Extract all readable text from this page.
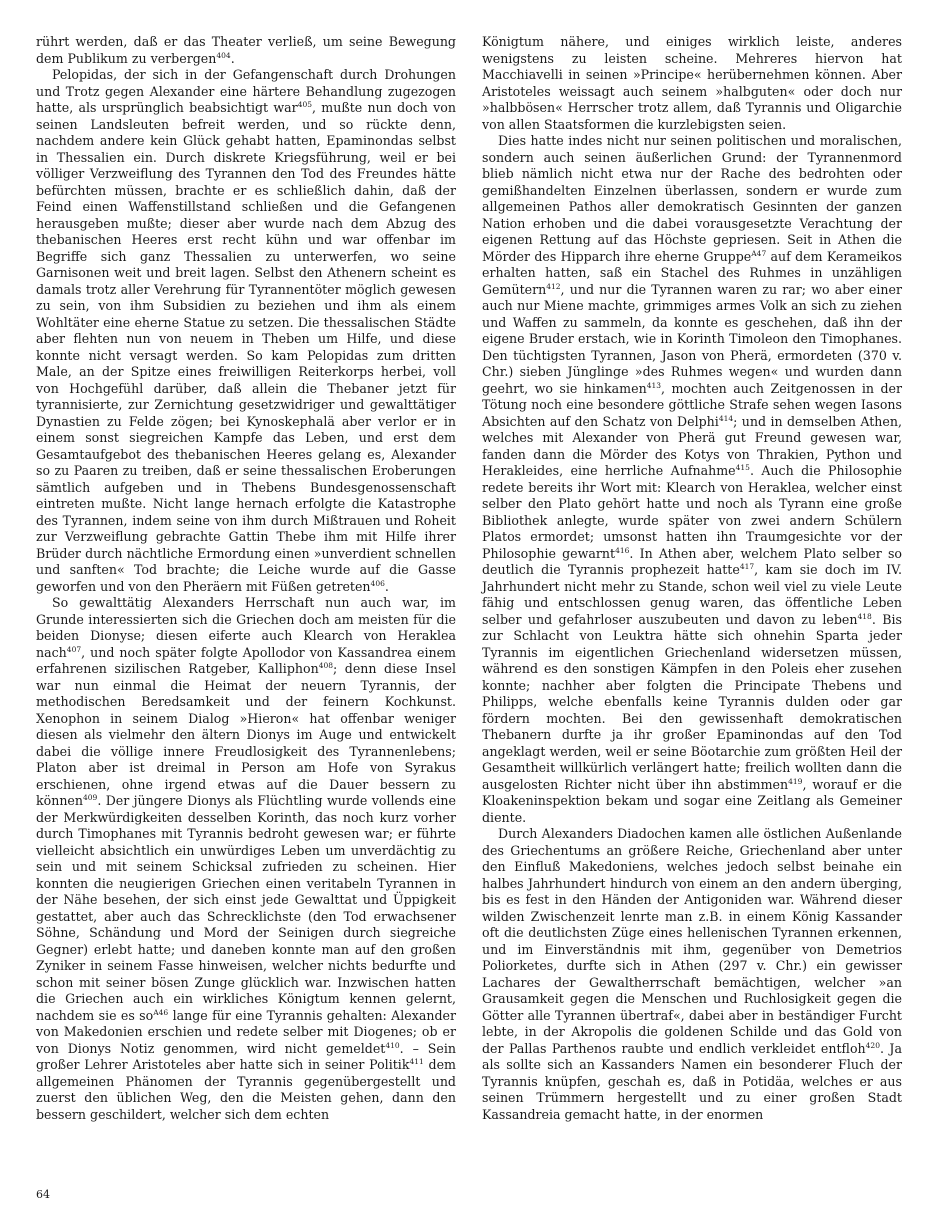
rührt werden, daß er das Theater verließ, um seine Bewegung dem Publikum zu verbergen$^{404}$.

Pelopidas, der sich in der Gefangenschaft durch Drohungen und Trotz gegen Alexander eine härtere Behandlung zugezogen hatte, als ursprünglich beabsichtigt war$^{405}$, mußte nun doch von seinen Landsleuten befreit werden, und so rückte denn, nachdem andere kein Glück gehabt hatten, Epaminondas selbst in Thessalien ein. Durch diskrete Kriegsführung, weil er bei völliger Verzweiflung des Tyrannen den Tod des Freundes hätte befürchten müssen, brachte er es schließlich dahin, daß der Feind einen Waffenstillstand schließen und die Gefangenen herausgeben mußte; dieser aber wurde nach dem Abzug des thebanischen Heeres erst recht kühn und war offenbar im Begriffe sich ganz Thessalien zu unterwerfen, wo seine Garnisonen weit und breit lagen. Selbst den Athenern scheint es damals trotz aller Verehrung für Tyrannentöter möglich gewesen zu sein, von ihm Subsidien zu beziehen und ihm als einem Wohltäter eine eherne Statue zu setzen. Die thessalischen Städte aber flehten nun von neuem in Theben um Hilfe, und diese konnte nicht versagt werden. So kam Pelopidas zum dritten Male, an der Spitze eines freiwilligen Reiterkorps herbei, voll von Hochgefühl darüber, daß allein die Thebaner jetzt für tyrannisierte, zur Zernichtung gesetzwidriger und gewalttätiger Dynastien zu Felde zögen; bei Kynoskephalä aber verlor er in einem sonst siegreichen Kampfe das Leben, und erst dem Gesamtaufgebot des thebanischen Heeres gelang es, Alexander so zu Paaren zu treiben, daß er seine thessalischen Eroberungen sämtlich aufgeben und in Thebens Bundesgenossenschaft eintreten mußte. Nicht lange hernach erfolgte die Katastrophe des Tyrannen, indem seine von ihm durch Mißtrauen und Roheit zur Verzweiflung gebrachte Gattin Thebe ihm mit Hilfe ihrer Brüder durch nächtliche Ermordung einen »unverdient schnellen und sanften« Tod brachte; die Leiche wurde auf die Gasse geworfen und von den Pheräern mit Füßen getreten$^{406}$.

So gewalttätig Alexanders Herrschaft nun auch war, im Grunde interessierten sich die Griechen doch am meisten für die beiden Dionyse; diesen eiferte auch Klearch von Heraklea nach$^{407}$, und noch später folgte Apollodor von Kassandrea einem erfahrenen sizilischen Ratgeber, Kalliphon$^{408}$; denn diese Insel war nun einmal die Heimat der neuern Tyrannis, der methodischen Beredsamkeit und der feinern Kochkunst. Xenophon in seinem Dialog »Hieron« hat offenbar weniger diesen als vielmehr den ältern Dionys im Auge und entwickelt dabei die völlige innere Freudlosigkeit des Tyrannenlebens; Platon aber ist dreimal in Person am Hofe von Syrakus erschienen, ohne irgend etwas auf die Dauer bessern zu können$^{409}$. Der jüngere Dionys als Flüchtling wurde vollends eine der Merkwürdigkeiten desselben Korinth, das noch kurz vorher durch Timophanes mit Tyrannis bedroht gewesen war; er führte vielleicht absichtlich ein unwürdiges Leben um unverdächtig zu sein und mit seinem Schicksal zufrieden zu scheinen. Hier konnten die neugierigen Griechen einen veritabeln Tyrannen in der Nähe besehen, der sich einst jede Gewalttat und Üppigkeit gestattet, aber auch das Schrecklichste (den Tod erwachsener Söhne, Schändung und Mord der Seinigen durch siegreiche Gegner) erlebt hatte; und daneben konnte man auf den großen Zyniker in seinem Fasse hinweisen, welcher nichts bedurfte und schon mit seiner bösen Zunge glücklich war. Inzwischen hatten die Griechen auch ein wirkliches Königtum kennen gelernt, nachdem sie es $so^{A46}$ lange für eine Tyrannis gehalten: Alexander von Makedonien erschien und redete selber mit Diogenes; ob er von Dionys Notiz genommen, wird nicht gemeldet$^{410}$. – Sein großer Lehrer Aristoteles aber hatte sich in seiner Politik$^{411}$ dem allgemeinen Phänomen der Tyrannis gegenübergestellt und zuerst den üblichen Weg, den die Meisten gehen, dann den bessern geschildert, welcher sich dem echten

Königtum nähere, und einiges wirklich leiste, anderes wenigstens zu leisten scheine. Mehreres hiervon hat Macchiavelli in seinen »Principe« herübernehmen können. Aber Aristoteles weissagt auch seinem »halbguten« oder doch nur »halbbösen« Herrscher trotz allem, daß Tyrannis und Oligarchie von allen Staatsformen die kurzlebigsten seien.

Dies hatte indes nicht nur seinen politischen und moralischen, sondern auch seinen äußerlichen Grund: der Tyrannenmord blieb nämlich nicht etwa nur der Rache des bedrohten oder gemißhandelten Einzelnen überlassen, sondern er wurde zum allgemeinen Pathos aller demokratisch Gesinnten der ganzen Nation erhoben und die dabei vorausgesetzte Verachtung der eigenen Rettung auf das Höchste gepriesen. Seit in Athen die Mörder des Hipparch ihre eherne Gruppe$^{A47}$ auf dem Kerameikos erhalten hatten, saß ein Stachel des Ruhmes in unzähligen Gemütern$^{412}$, und nur die Tyrannen waren zu rar; wo aber einer auch nur Miene machte, grimmiges armes Volk an sich zu ziehen und Waffen zu sammeln, da konnte es geschehen, daß ihn der eigene Bruder erstach, wie in Korinth Timoleon den Timophanes. Den tüchtigsten Tyrannen, Jason von Pherä, ermordeten (370 v. Chr.) sieben Jünglinge »des Ruhmes wegen« und wurden dann geehrt, wo sie hinkamen$^{413}$, mochten auch Zeitgenossen in der Tötung noch eine besondere göttliche Strafe sehen wegen Iasons Absichten auf den Schatz von Delphi$^{414}$; und in demselben Athen, welches mit Alexander von Pherä gut Freund gewesen war, fanden dann die Mörder des Kotys von Thrakien, Python und Herakleides, eine herrliche Aufnahme$^{415}$. Auch die Philosophie redete bereits ihr Wort mit: Klearch von Heraklea, welcher einst selber den Plato gehört hatte und noch als Tyrann eine große Bibliothek anlegte, wurde später von zwei andern Schülern Platos ermordet; umsonst hatten ihn Traumgesichte vor der Philosophie gewarnt$^{416}$. In Athen aber, welchem Plato selber so deutlich die Tyrannis prophezeit hatte$^{417}$, kam sie doch im IV. Jahrhundert nicht mehr zu Stande, schon weil viel zu viele Leute fähig und entschlossen genug waren, das öffentliche Leben selber und gefahrloser auszubeuten und davon zu leben$^{418}$. Bis zur Schlacht von Leuktra hätte sich ohnehin Sparta jeder Tyrannis im eigentlichen Griechenland widersetzen müssen, während es den sonstigen Kämpfen in den Poleis eher zusehen konnte; nachher aber folgten die Principate Thebens und Philipps, welche ebenfalls keine Tyrannis dulden oder gar fördern mochten. Bei den gewissenhaft demokratischen Thebanern durfte ja ihr großer Epaminondas auf den Tod angeklagt werden, weil er seine Böotarchie zum größten Heil der Gesamtheit willkürlich verlängert hatte; freilich wollten dann die ausgelosten Richter nicht über ihn abstimmen$^{419}$, worauf er die Kloakeninspektion bekam und sogar eine Zeitlang als Gemeiner diente.

Durch Alexanders Diadochen kamen alle östlichen Außenlande des Griechentums an größere Reiche, Griechenland aber unter den Einfluß Makedoniens, welches jedoch selbst beinahe ein halbes Jahrhundert hindurch von einem an den andern überging, bis es fest in den Händen der Antigoniden war. Während dieser wilden Zwischenzeit lenrte man z.B. in einem König Kassander oft die deutlichsten Züge eines hellenischen Tyrannen erkennen, und im Einverständnis mit ihm, gegenüber von Demetrios Poliorketes, durfte sich in Athen (297 v. Chr.) ein gewisser Lachares der Gewaltherrschaft bemächtigen, welcher »an Grausamkeit gegen die Menschen und Ruchlosigkeit gegen die Götter alle Tyrannen übertraf«, dabei aber in beständiger Furcht lebte, in der Akropolis die goldenen Schilde und das Gold von der Pallas Parthenos raubte und endlich verkleidet entfloh$^{420}$. Ja als sollte sich an Kassanders Namen ein besonderer Fluch der Tyrannis knüpfen, geschah es, daß in Potidäa, welches er aus seinen Trümmern hergestellt und zu einer großen Stadt Kassandreia gemacht hatte, in der enormen

64
